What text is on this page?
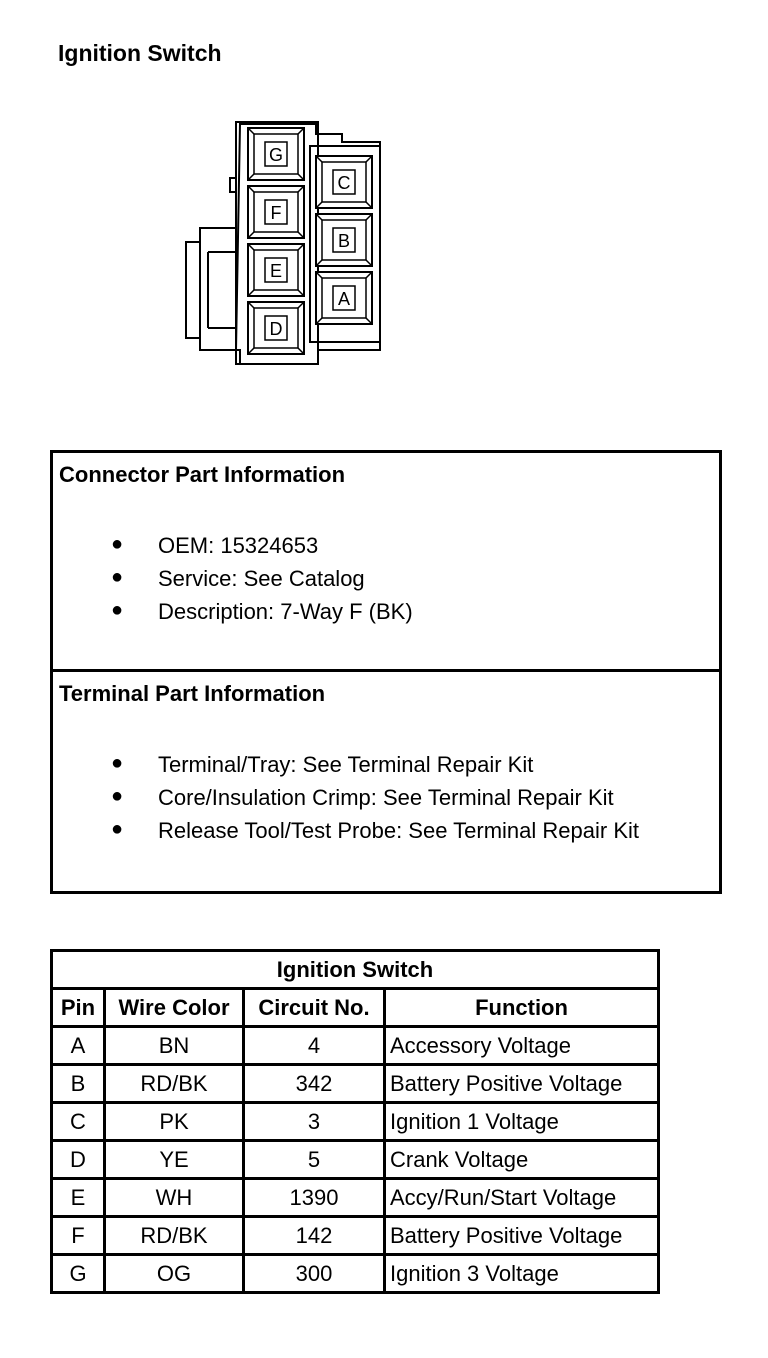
Ignition Switch
G
F
E
D
C
B
A
Connector Part Information
● OEM: 15324653
● Service: See Catalog
● Description: 7-Way F (BK)
Terminal Part Information
● Terminal/Tray: See Terminal Repair Kit
● Core/Insulation Crimp: See Terminal Repair Kit
● Release Tool/Test Probe: See Terminal Repair Kit
Ignition Switch			
Pin	Wire Color	Circuit No.	Function
A	BN	4	Accessory Voltage
B	RD/BK	342	Battery Positive Voltage
C	PK	3	Ignition 1 Voltage
D	YE	5	Crank Voltage
E	WH	1390	Accy/Run/Start Voltage
F	RD/BK	142	Battery Positive Voltage
G	OG	300	Ignition 3 Voltage
